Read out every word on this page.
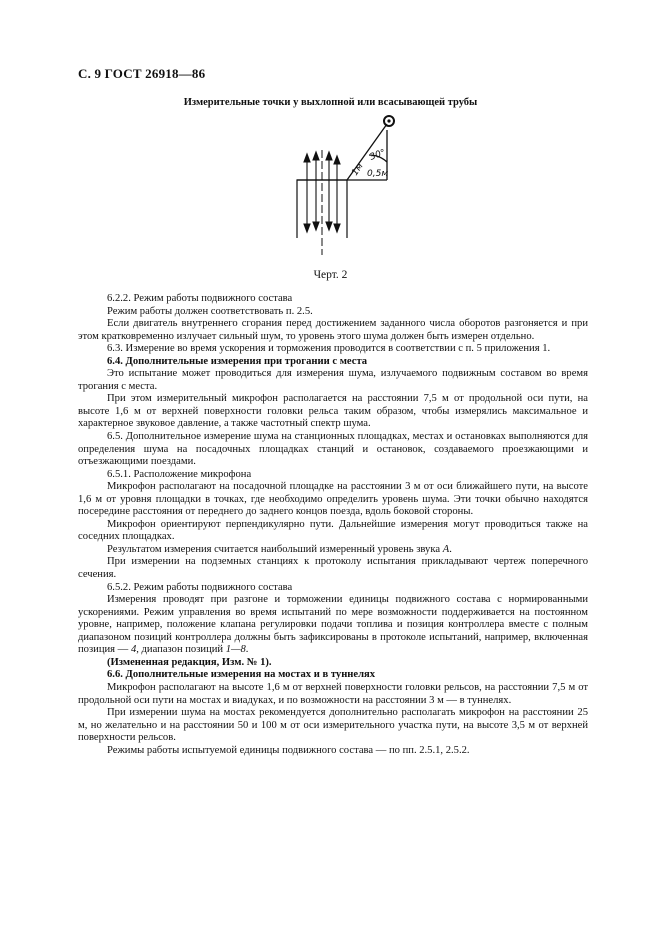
С. 9 ГОСТ 26918—86
Измерительные точки у выхлопной или всасывающей трубы
30°
1м 0,5м
Черт. 2

6.2.2. Режим работы подвижного состава

Режим работы должен соответствовать п. 2.5.

Если двигатель внутреннего сгорания перед достижением заданного числа оборотов разгоняется и при этом кратковременно излучает сильный шум, то уровень этого шума должен быть измерен отдельно.

6.3. Измерение во время ускорения и торможения проводится в соответствии с п. 5 приложения 1.

6.4. Дополнительные измерения при трогании с места

Это испытание может проводиться для измерения шума, излучаемого подвижным составом во время трогания с места.

При этом измерительный микрофон располагается на расстоянии 7,5 м от продольной оси пути, на высоте 1,6 м от верхней поверхности головки рельса таким образом, чтобы измерялись максимальное и характерное звуковое давление, а также частотный спектр шума.

6.5. Дополнительное измерение шума на станционных площадках, местах и остановках выполняются для определения шума на посадочных площадках станций и остановок, создаваемого проезжающими и отъезжающими поездами.

6.5.1. Расположение микрофона

Микрофон располагают на посадочной площадке на расстоянии 3 м от оси ближайшего пути, на высоте 1,6 м от уровня площадки в точках, где необходимо определить уровень шума. Эти точки обычно находятся посередине расстояния от переднего до заднего концов поезда, вдоль боковой стороны.

Микрофон ориентируют перпендикулярно пути. Дальнейшие измерения могут проводиться также на соседних площадках.

Результатом измерения считается наибольший измеренный уровень звука А.

При измерении на подземных станциях к протоколу испытания прикладывают чертеж поперечного сечения.

6.5.2. Режим работы подвижного состава

Измерения проводят при разгоне и торможении единицы подвижного состава с нормированными ускорениями. Режим управления во время испытаний по мере возможности поддерживается на постоянном уровне, например, положение клапана регулировки подачи топлива и позиция контроллера вместе с полным диапазоном позиций контроллера должны быть зафиксированы в протоколе испытаний, например, включенная позиция — 4, диапазон позиций 1—8.

(Измененная редакция, Изм. № 1).

6.6. Дополнительные измерения на мостах и в туннелях

Микрофон располагают на высоте 1,6 м от верхней поверхности головки рельсов, на расстоянии 7,5 м от продольной оси пути на мостах и виадуках, и по возможности на расстоянии 3 м — в туннелях.

При измерении шума на мостах рекомендуется дополнительно располагать микрофон на расстоянии 25 м, но желательно и на расстоянии 50 и 100 м от оси измерительного участка пути, на высоте 3,5 м от верхней поверхности рельсов.

Режимы работы испытуемой единицы подвижного состава — по пп. 2.5.1, 2.5.2.
